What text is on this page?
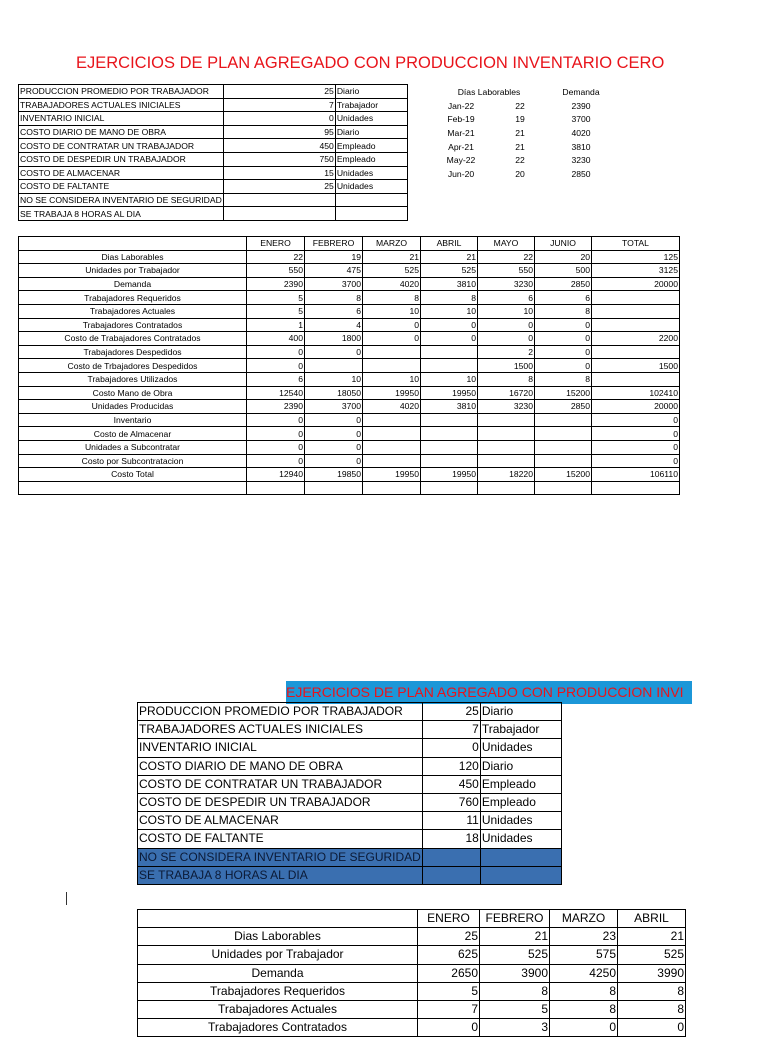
EJERCICIOS DE PLAN AGREGADO CON PRODUCCION INVENTARIO CERO
PRODUCCION PROMEDIO POR TRABAJADOR	25	Diario
TRABAJADORES ACTUALES INICIALES	7	Trabajador
INVENTARIO INICIAL	0	Unidades
COSTO DIARIO DE MANO DE OBRA	95	Diario
COSTO DE CONTRATAR UN TRABAJADOR	450	Empleado
COSTO DE DESPEDIR UN TRABAJADOR	750	Empleado
COSTO DE ALMACENAR	15	Unidades
COSTO DE FALTANTE	25	Unidades
NO SE CONSIDERA INVENTARIO DE SEGURIDAD		
SE TRABAJA 8 HORAS AL DIA		
Días Laborables		Demanda
Jan-22	22	2390
Feb-19	19	3700
Mar-21	21	4020
Apr-21	21	3810
May-22	22	3230
Jun-20	20	2850
	ENERO	FEBRERO	MARZO	ABRIL	MAYO	JUNIO	TOTAL
Dias Laborables	22	19	21	21	22	20	125
Unidades por Trabajador	550	475	525	525	550	500	3125
Demanda	2390	3700	4020	3810	3230	2850	20000
Trabajadores Requeridos	5	8	8	8	6	6	
Trabajadores Actuales	5	6	10	10	10	8	
Trabajadores Contratados	1	4	0	0	0	0	
Costo de Trabajadores Contratados	400	1800	0	0	0	0	2200
Trabajadores Despedidos	0	0			2	0	
Costo de Trbajadores Despedidos	0				1500	0	1500
Trabajadores Utilizados	6	10	10	10	8	8	
Costo Mano de Obra	12540	18050	19950	19950	16720	15200	102410
Unidades Producidas	2390	3700	4020	3810	3230	2850	20000
Inventario	0	0					0
Costo de Almacenar	0	0					0
Unidades a Subcontratar	0	0					0
Costo por Subcontratacion	0	0					0
Costo Total	12940	19850	19950	19950	18220	15200	106110

EJERCICIOS DE PLAN AGREGADO CON PRODUCCION INVI
PRODUCCION PROMEDIO POR TRABAJADOR	25	Diario
TRABAJADORES ACTUALES INICIALES	7	Trabajador
INVENTARIO INICIAL	0	Unidades
COSTO DIARIO DE MANO DE OBRA	120	Diario
COSTO DE CONTRATAR UN TRABAJADOR	450	Empleado
COSTO DE DESPEDIR UN TRABAJADOR	760	Empleado
COSTO DE ALMACENAR	11	Unidades
COSTO DE FALTANTE	18	Unidades
NO SE CONSIDERA INVENTARIO DE SEGURIDAD		
SE TRABAJA 8 HORAS AL DIA		
	ENERO	FEBRERO	MARZO	ABRIL
Dias Laborables	25	21	23	21
Unidades por Trabajador	625	525	575	525
Demanda	2650	3900	4250	3990
Trabajadores Requeridos	5	8	8	8
Trabajadores Actuales	7	5	8	8
Trabajadores Contratados	0	3	0	0
